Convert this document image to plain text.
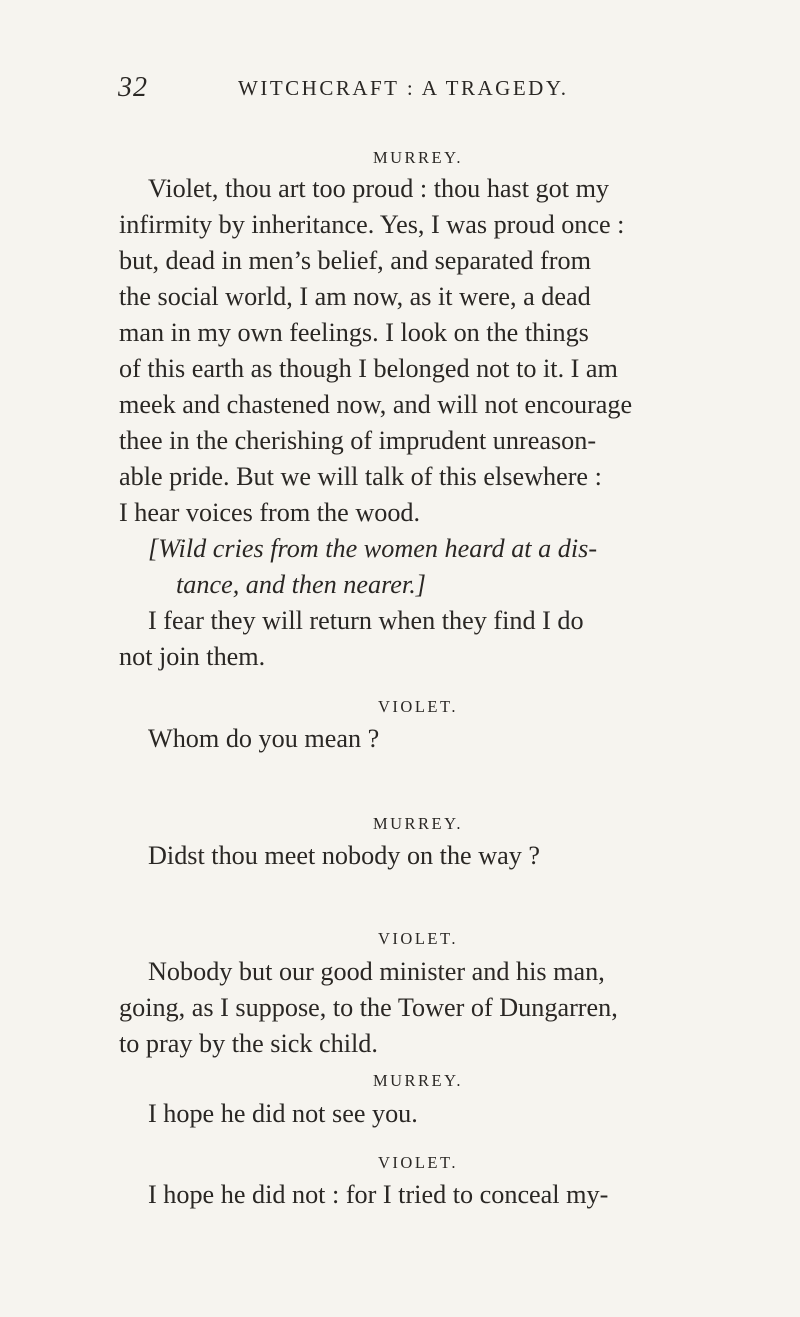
32	WITCHCRAFT : A TRAGEDY.
MURREY.
Violet, thou art too proud : thou hast got my
infirmity by inheritance. Yes, I was proud once :
but, dead in men’s belief, and separated from
the social world, I am now, as it were, a dead
man in my own feelings. I look on the things
of this earth as though I belonged not to it. I am
meek and chastened now, and will not encourage
thee in the cherishing of imprudent unreason-
able pride. But we will talk of this elsewhere :
I hear voices from the wood.
[Wild cries from the women heard at a dis-
tance, and then nearer.]
I fear they will return when they find I do
not join them.
VIOLET.
Whom do you mean ?
MURREY.
Didst thou meet nobody on the way ?
VIOLET.
Nobody but our good minister and his man,
going, as I suppose, to the Tower of Dungarren,
to pray by the sick child.
MURREY.
I hope he did not see you.
VIOLET.
I hope he did not : for I tried to conceal my-
